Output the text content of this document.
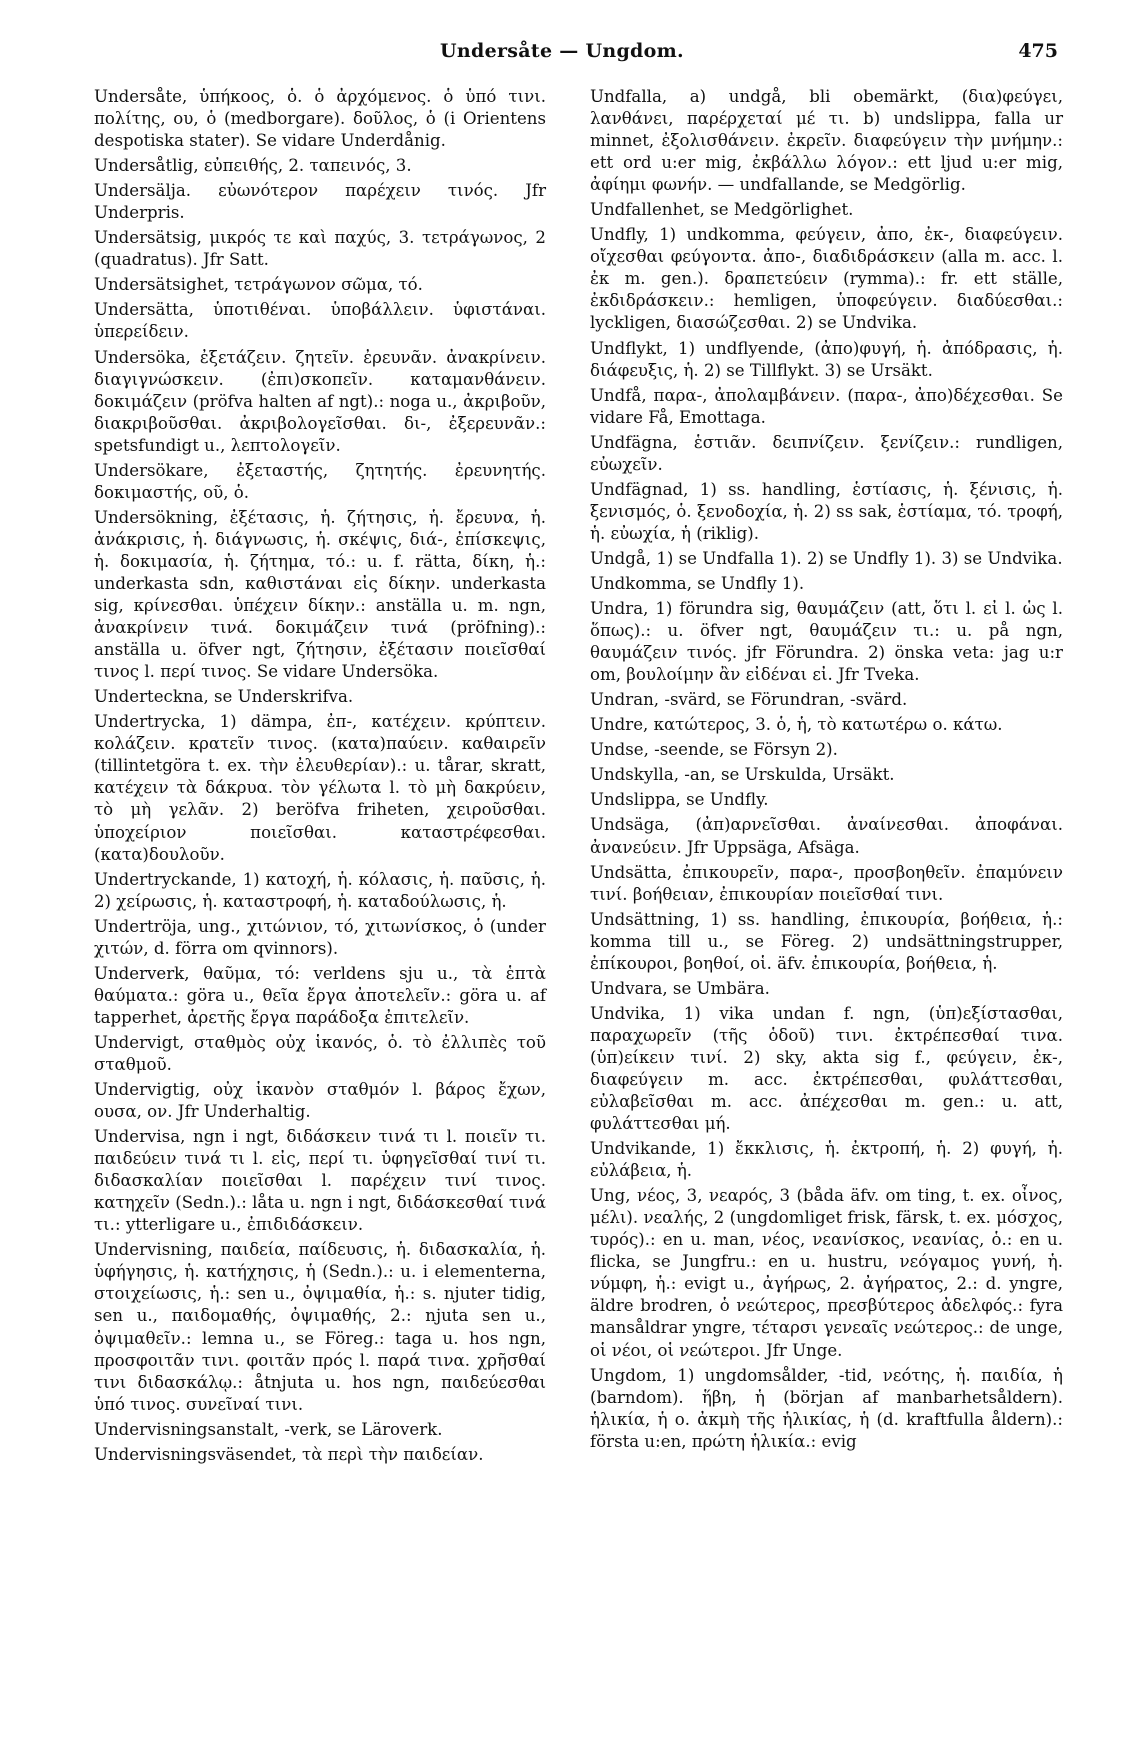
Undersåte — Ungdom.	475

Undersåte, ὑπήκοος, ὁ. ὁ ἀρχόμενος. ὁ ὑπό τινι. πολίτης, ου, ὁ (medborgare). δοῦλος, ὁ (i Orientens despotiska stater). Se vidare Underdånig.

Undersåtlig, εὐπειθής, 2. ταπεινός, 3.

Undersälja. εὐωνότερον παρέχειν τινός. Jfr Underpris.

Undersätsig, μικρός τε καὶ παχύς, 3. τετράγωνος, 2 (quadratus). Jfr Satt.

Undersätsighet, τετράγωνον σῶμα, τό.

Undersätta, ὑποτιθέναι. ὑποβάλλειν. ὑφιστάναι. ὑπερείδειν.

Undersöka, ἐξετάζειν. ζητεῖν. ἐρευνᾶν. ἀνακρίνειν. διαγιγνώσκειν. (ἐπι)σκοπεῖν. καταμανθάνειν. δοκιμάζειν (pröfva halten af ngt).: noga u., ἀκριβοῦν, διακριβοῦσθαι. ἀκριβολογεῖσθαι. δι-, ἐξερευνᾶν.: spetsfundigt u., λεπτολογεῖν.

Undersökare, ἐξεταστής, ζητητής. ἐρευνητής. δοκιμαστής, οῦ, ὁ.

Undersökning, ἐξέτασις, ἡ. ζήτησις, ἡ. ἔρευνα, ἡ. ἀνάκρισις, ἡ. διάγνωσις, ἡ. σκέψις, διά-, ἐπίσκεψις, ἡ. δοκιμασία, ἡ. ζήτημα, τό.: u. f. rätta, δίκη, ἡ.: underkasta sdn, καθιστάναι εἰς δίκην. underkasta sig, κρίνεσθαι. ὑπέχειν δίκην.: anställa u. m. ngn, ἀνακρίνειν τινά. δοκιμάζειν τινά (pröfning).: anställa u. öfver ngt, ζήτησιν, ἐξέτασιν ποιεῖσθαί τινος l. περί τινος. Se vidare Undersöka.

Underteckna, se Underskrifva.

Undertrycka, 1) dämpa, ἐπ-, κατέχειν. κρύπτειν. κολάζειν. κρατεῖν τινος. (κατα)παύειν. καθαιρεῖν (tillintetgöra t. ex. τὴν ἐλευθερίαν).: u. tårar, skratt, κατέχειν τὰ δάκρυα. τὸν γέλωτα l. τὸ μὴ δακρύειν, τὸ μὴ γελᾶν. 2) beröfva friheten, χειροῦσθαι. ὑποχείριον ποιεῖσθαι. καταστρέφεσθαι. (κατα)δουλοῦν.

Undertryckande, 1) κατοχή, ἡ. κόλασις, ἡ. παῦσις, ἡ. 2) χείρωσις, ἡ. καταστροφή, ἡ. καταδούλωσις, ἡ.

Undertröja, ung., χιτώνιον, τό, χιτωνίσκος, ὁ (under χιτών, d. förra om qvinnors).

Underverk, θαῦμα, τό: verldens sju u., τὰ ἑπτὰ θαύματα.: göra u., θεῖα ἔργα ἀποτελεῖν.: göra u. af tapperhet, ἀρετῆς ἔργα παράδοξα ἐπιτελεῖν.

Undervigt, σταθμὸς οὐχ ἱκανός, ὁ. τὸ ἐλλιπὲς τοῦ σταθμοῦ.

Undervigtig, οὐχ ἱκανὸν σταθμόν l. βάρος ἔχων, ουσα, ον. Jfr Underhaltig.

Undervisa, ngn i ngt, διδάσκειν τινά τι l. ποιεῖν τι. παιδεύειν τινά τι l. εἰς, περί τι. ὑφηγεῖσθαί τινί τι. διδασκαλίαν ποιεῖσθαι l. παρέχειν τινί τινος. κατηχεῖν (Sedn.).: låta u. ngn i ngt, διδάσκεσθαί τινά τι.: ytterligare u., ἐπιδιδάσκειν.

Undervisning, παιδεία, παίδευσις, ἡ. διδασκαλία, ἡ. ὑφήγησις, ἡ. κατήχησις, ἡ (Sedn.).: u. i elementerna, στοιχείωσις, ἡ.: sen u., ὀψιμαθία, ἡ.: s. njuter tidig, sen u., παιδομαθής, ὀψιμαθής, 2.: njuta sen u., ὀψιμαθεῖν.: lemna u., se Föreg.: taga u. hos ngn, προσφοιτᾶν τινι. φοιτᾶν πρός l. παρά τινα. χρῆσθαί τινι διδασκάλῳ.: åtnjuta u. hos ngn, παιδεύεσθαι ὑπό τινος. συνεῖναί τινι.

Undervisningsanstalt, -verk, se Läroverk.

Undervisningsväsendet, τὰ περὶ τὴν παιδείαν.

Undfalla, a) undgå, bli obemärkt, (δια)φεύγει, λανθάνει, παρέρχεταί μέ τι. b) undslippa, falla ur minnet, ἐξολισθάνειν. ἐκρεῖν. διαφεύγειν τὴν μνήμην.: ett ord u:er mig, ἐκβάλλω λόγον.: ett ljud u:er mig, ἀφίημι φωνήν. — undfallande, se Medgörlig.

Undfallenhet, se Medgörlighet.

Undfly, 1) undkomma, φεύγειν, ἀπο, ἐκ-, διαφεύγειν. οἴχεσθαι φεύγοντα. ἀπο-, διαδιδράσκειν (alla m. acc. l. ἐκ m. gen.). δραπετεύειν (rymma).: fr. ett ställe, ἐκδιδράσκειν.: hemligen, ὑποφεύγειν. διαδύεσθαι.: lyckligen, διασώζεσθαι. 2) se Undvika.

Undflykt, 1) undflyende, (ἀπο)φυγή, ἡ. ἀπόδρασις, ἡ. διάφευξις, ἡ. 2) se Tillflykt. 3) se Ursäkt.

Undfå, παρα-, ἀπολαμβάνειν. (παρα-, ἀπο)δέχεσθαι. Se vidare Få, Emottaga.

Undfägna, ἑστιᾶν. δειπνίζειν. ξενίζειν.: rundligen, εὐωχεῖν.

Undfägnad, 1) ss. handling, ἑστίασις, ἡ. ξένισις, ἡ. ξενισμός, ὁ. ξενοδοχία, ἡ. 2) ss sak, ἑστίαμα, τό. τροφή, ἡ. εὐωχία, ἡ (riklig).

Undgå, 1) se Undfalla 1). 2) se Undfly 1). 3) se Undvika.

Undkomma, se Undfly 1).

Undra, 1) förundra sig, θαυμάζειν (att, ὅτι l. εἰ l. ὡς l. ὅπως).: u. öfver ngt, θαυμάζειν τι.: u. på ngn, θαυμάζειν τινός. jfr Förundra. 2) önska veta: jag u:r om, βουλοίμην ἂν εἰδέναι εἰ. Jfr Tveka.

Undran, -svärd, se Förundran, -svärd.

Undre, κατώτερος, 3. ὁ, ἡ, τὸ κατωτέρω ο. κάτω.

Undse, -seende, se Försyn 2).

Undskylla, -an, se Urskulda, Ursäkt.

Undslippa, se Undfly.

Undsäga, (ἀπ)αρνεῖσθαι. ἀναίνεσθαι. ἀποφάναι. ἀνανεύειν. Jfr Uppsäga, Afsäga.

Undsätta, ἐπικουρεῖν, παρα-, προσβοηθεῖν. ἐπαμύνειν τινί. βοήθειαν, ἐπικουρίαν ποιεῖσθαί τινι.

Undsättning, 1) ss. handling, ἐπικουρία, βοήθεια, ἡ.: komma till u., se Föreg. 2) undsättningstrupper, ἐπίκουροι, βοηθοί, οἱ. äfv. ἐπικουρία, βοήθεια, ἡ.

Undvara, se Umbära.

Undvika, 1) vika undan f. ngn, (ὑπ)εξίστασθαι, παραχωρεῖν (τῆς ὁδοῦ) τινι. ἐκτρέπεσθαί τινα. (ὑπ)είκειν τινί. 2) sky, akta sig f., φεύγειν, ἐκ-, διαφεύγειν m. acc. ἐκτρέπεσθαι, φυλάττεσθαι, εὐλαβεῖσθαι m. acc. ἀπέχεσθαι m. gen.: u. att, φυλάττεσθαι μή.

Undvikande, 1) ἔκκλισις, ἡ. ἐκτροπή, ἡ. 2) φυγή, ἡ. εὐλάβεια, ἡ.

Ung, νέος, 3, νεαρός, 3 (båda äfv. om ting, t. ex. οἶνος, μέλι). νεαλής, 2 (ungdomliget frisk, färsk, t. ex. μόσχος, τυρός).: en u. man, νέος, νεανίσκος, νεανίας, ὁ.: en u. flicka, se Jungfru.: en u. hustru, νεόγαμος γυνή, ἡ. νύμφη, ἡ.: evigt u., ἀγήρως, 2. ἀγήρατος, 2.: d. yngre, äldre brodren, ὁ νεώτερος, πρεσβύτερος ἀδελφός.: fyra mansåldrar yngre, τέταρσι γενεαῖς νεώτερος.: de unge, οἱ νέοι, οἱ νεώτεροι. Jfr Unge.

Ungdom, 1) ungdomsålder, -tid, νεότης, ἡ. παιδία, ἡ (barndom). ἥβη, ἡ (början af manbarhetsåldern). ἡλικία, ἡ ο. ἀκμὴ τῆς ἡλικίας, ἡ (d. kraftfulla åldern).: första u:en, πρώτη ἡλικία.: evig
